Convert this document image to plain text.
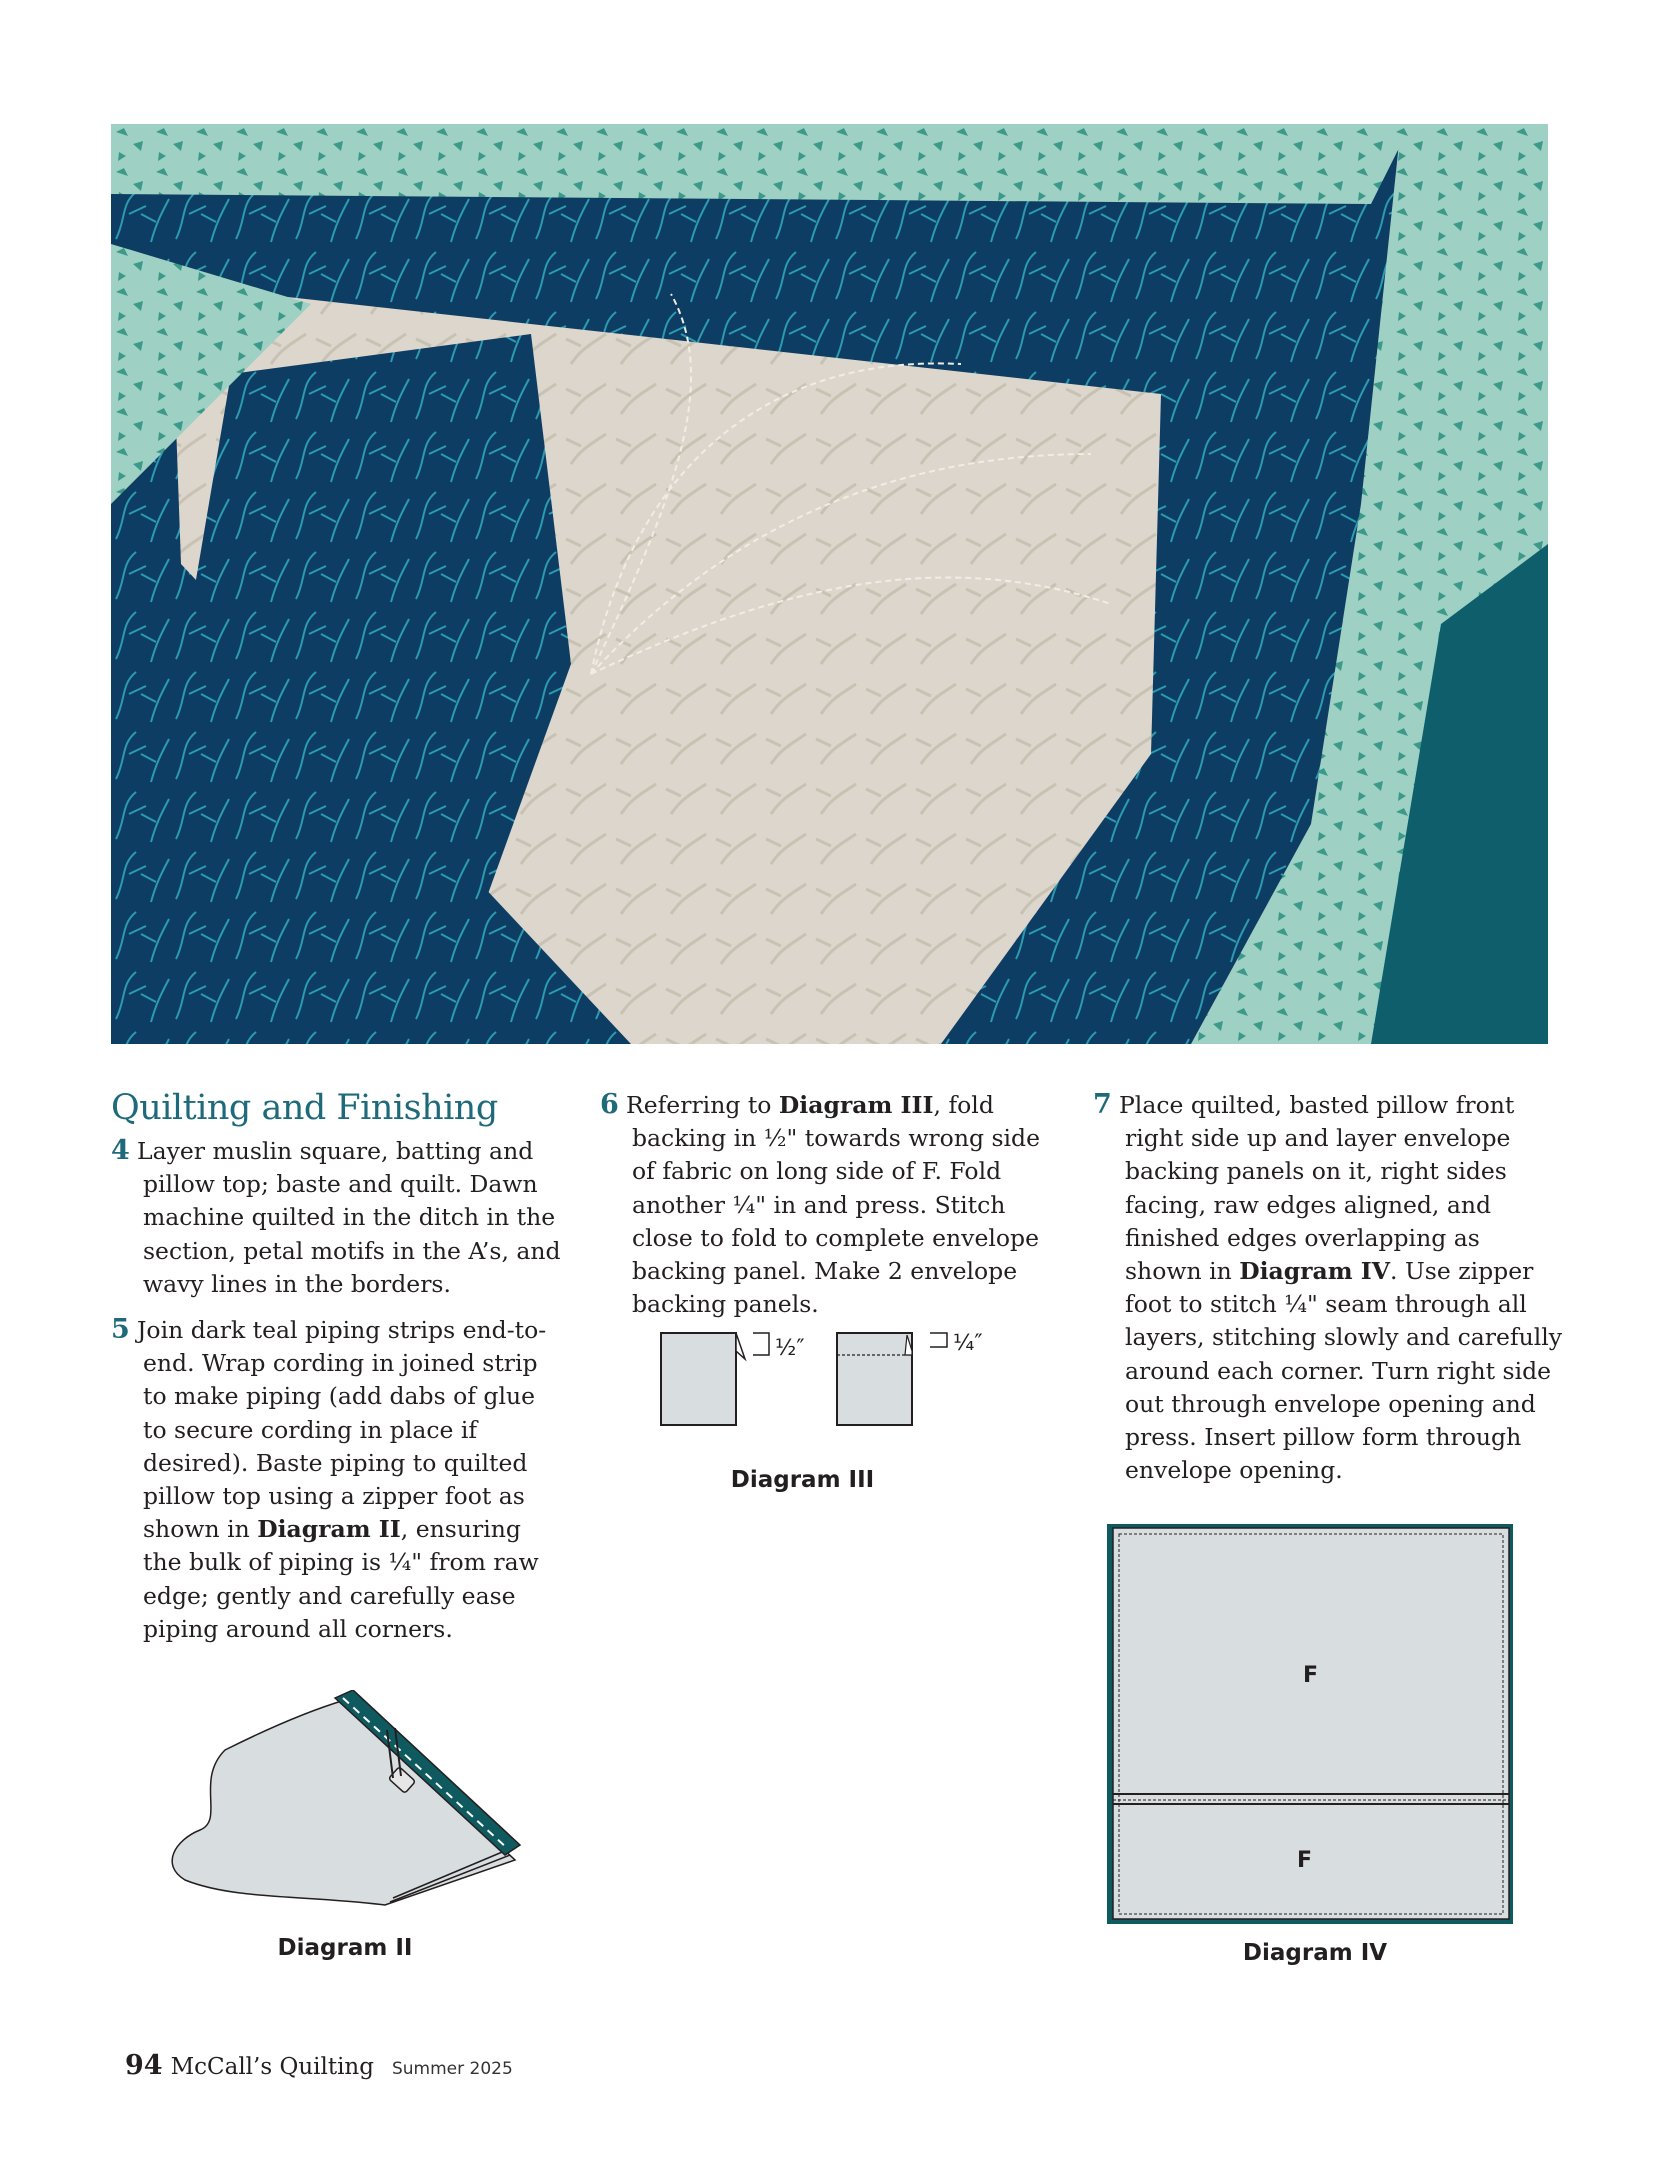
Quilting and Finishing

4 Layer muslin square, batting and pillow top; baste and quilt. Dawn machine quilted in the ditch in the section, petal motifs in the A’s, and wavy lines in the borders.

5 Join dark teal piping strips end-to-end. Wrap cording in joined strip to make piping (add dabs of glue to secure cording in place if desired). Baste piping to quilted pillow top using a zipper foot as shown in Diagram II, ensuring the bulk of piping is ¼" from raw edge; gently and carefully ease piping around all corners.

6 Referring to Diagram III, fold backing in ½" towards wrong side of fabric on long side of F. Fold another ¼" in and press. Stitch close to fold to complete envelope backing panel. Make 2 envelope backing panels.

7 Place quilted, basted pillow front right side up and layer envelope backing panels on it, right sides facing, raw edges aligned, and finished edges overlapping as shown in Diagram IV. Use zipper foot to stitch ¼" seam through all layers, stitching slowly and carefully around each corner. Turn right side out through envelope opening and press. Insert pillow form through envelope opening.

Diagram II
½″	¼″
Diagram III
F
F
Diagram IV
94 McCall’s Quilting Summer 2025
